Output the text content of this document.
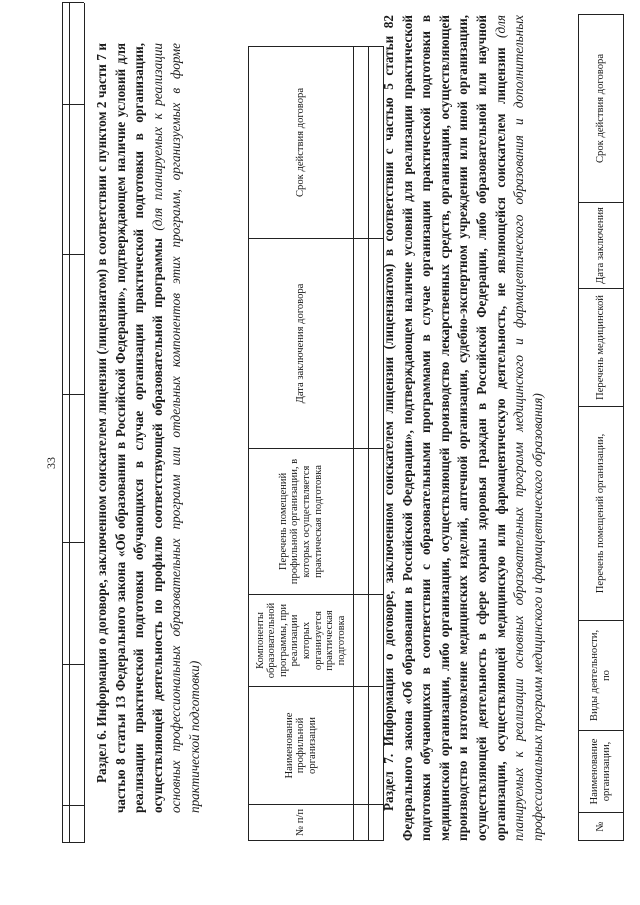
33

Раздел 6. Информация о договоре, заключенном соискателем лицензии (лицензиатом) в соответствии с пунктом 2 части 7 и частью 8 статьи 13 Федерального закона «Об образовании в Российской Федерации», подтверждающем наличие условий для реализации практической подготовки обучающихся в случае организации практической подготовки в организации, осуществляющей деятельность по профилю соответствующей образовательной программы (для планируемых к реализации основных профессиональных образовательных программ или отдельных компонентов этих программ, организуемых в форме практической подготовки)

№ п/п	Наименование профильной организации	Компоненты образовательной программы, при реализации которых организуется практическая подготовка	Перечень помещений профильной организации, в которых осуществляется практическая подготовка	Дата заключения договора	Срок действия договора

Раздел 7. Информация о договоре, заключенном соискателем лицензии (лицензиатом) в соответствии с частью 5 статьи 82 Федерального закона «Об образовании в Российской Федерации», подтверждающем наличие условий для реализации практической подготовки обучающихся в соответствии с образовательными программами в случае организации практической подготовки в медицинской организации, либо организации, осуществляющей производство лекарственных средств, организации, осуществляющей производство и изготовление медицинских изделий, аптечной организации, судебно-экспертном учреждении или иной организации, осуществляющей деятельность в сфере охраны здоровья граждан в Российской Федерации, либо образовательной или научной организации, осуществляющей медицинскую или фармацевтическую деятельность, не являющейся соискателем лицензии (для планируемых к реализации основных образовательных программ медицинского и фармацевтического образования и дополнительных профессиональных программ медицинского и фармацевтического образования)	№	Наименование организации,	Виды деятельности, по	Перечень помещений организации,	Перечень медицинской	Дата заключения	Срок действия договора
